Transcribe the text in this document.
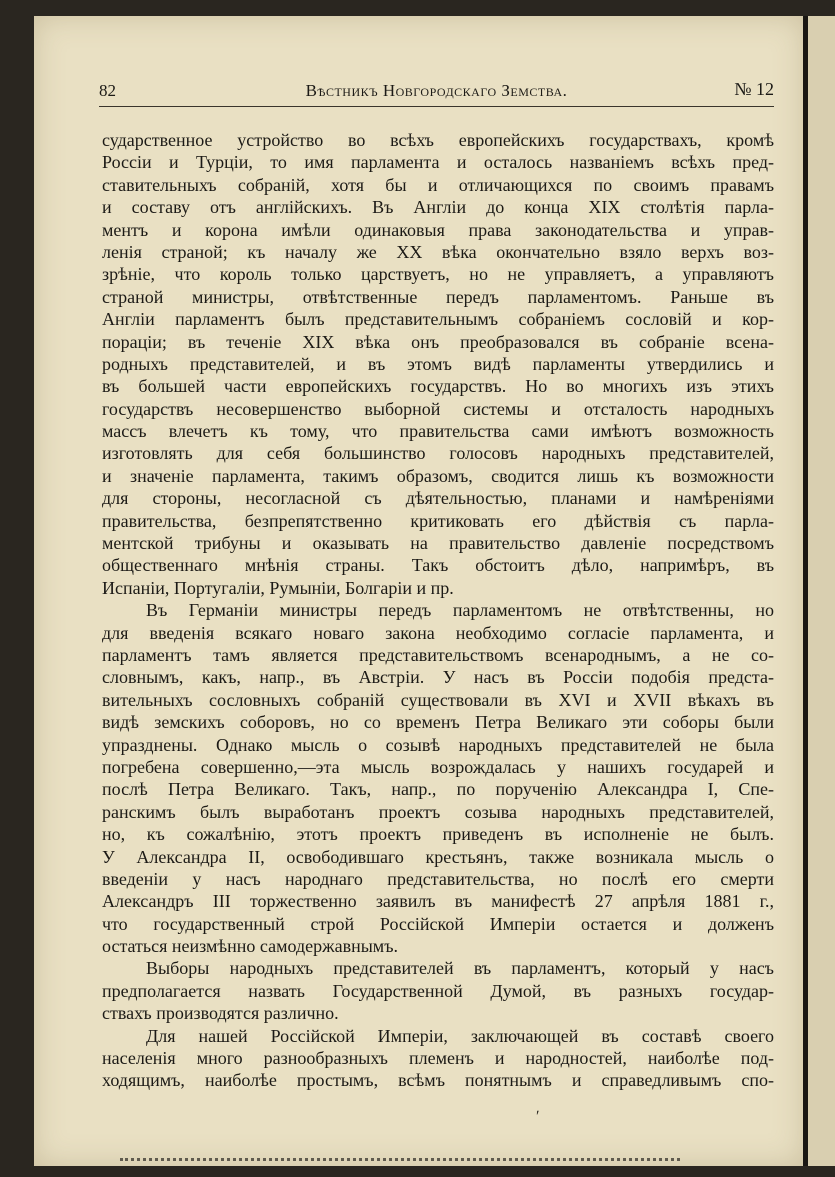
82	Вѣстникъ Новгородскаго Земства.	№ 12
сударственное устройство во всѣхъ европейскихъ государствахъ, кромѣ
Россіи и Турціи, то имя парламента и осталось названіемъ всѣхъ пред-
ставительныхъ собраній, хотя бы и отличающихся по своимъ правамъ
и составу отъ англійскихъ. Въ Англіи до конца XIX столѣтія парла-
ментъ и корона имѣли одинаковыя права законодательства и управ-
ленія страной; къ началу же XX вѣка окончательно взяло верхъ воз-
зрѣніе, что король только царствуетъ, но не управляетъ, а управляютъ
страной министры, отвѣтственные передъ парламентомъ. Раньше въ
Англіи парламентъ былъ представительнымъ собраніемъ сословій и кор-
пораціи; въ теченіе XIX вѣка онъ преобразовался въ собраніе всена-
родныхъ представителей, и въ этомъ видѣ парламенты утвердились и
въ большей части европейскихъ государствъ. Но во многихъ изъ этихъ
государствъ несовершенство выборной системы и отсталость народныхъ
массъ влечетъ къ тому, что правительства сами имѣютъ возможность
изготовлять для себя большинство голосовъ народныхъ представителей,
и значеніе парламента, такимъ образомъ, сводится лишь къ возможности
для стороны, несогласной съ дѣятельностью, планами и намѣреніями
правительства, безпрепятственно критиковать его дѣйствія съ парла-
ментской трибуны и оказывать на правительство давленіе посредствомъ
общественнаго мнѣнія страны. Такъ обстоитъ дѣло, напримѣръ, въ
Испаніи, Португаліи, Румыніи, Болгаріи и пр.
Въ Германіи министры передъ парламентомъ не отвѣтственны, но
для введенія всякаго новаго закона необходимо согласіе парламента, и
парламентъ тамъ является представительствомъ всенароднымъ, а не со-
словнымъ, какъ, напр., въ Австріи. У насъ въ Россіи подобія предста-
вительныхъ сословныхъ собраній существовали въ XVI и XVII вѣкахъ въ
видѣ земскихъ соборовъ, но со временъ Петра Великаго эти соборы были
упразднены. Однако мысль о созывѣ народныхъ представителей не была
погребена совершенно,—эта мысль возрождалась у нашихъ государей и
послѣ Петра Великаго. Такъ, напр., по порученію Александра I, Спе-
ранскимъ былъ выработанъ проектъ созыва народныхъ представителей,
но, къ сожалѣнію, этотъ проектъ приведенъ въ исполненіе не былъ.
У Александра II, освободившаго крестьянъ, также возникала мысль о
введеніи у насъ народнаго представительства, но послѣ его смерти
Александръ III торжественно заявилъ въ манифестѣ 27 апрѣля 1881 г.,
что государственный строй Россійской Имперіи остается и долженъ
остаться неизмѣнно самодержавнымъ.
Выборы народныхъ представителей въ парламентъ, который у насъ
предполагается назвать Государственной Думой, въ разныхъ государ-
ствахъ производятся различно.
Для нашей Россійской Имперіи, заключающей въ составѣ своего
населенія много разнообразныхъ племенъ и народностей, наиболѣе под-
ходящимъ, наиболѣе простымъ, всѣмъ понятнымъ и справедливымъ спо-
ʹ
